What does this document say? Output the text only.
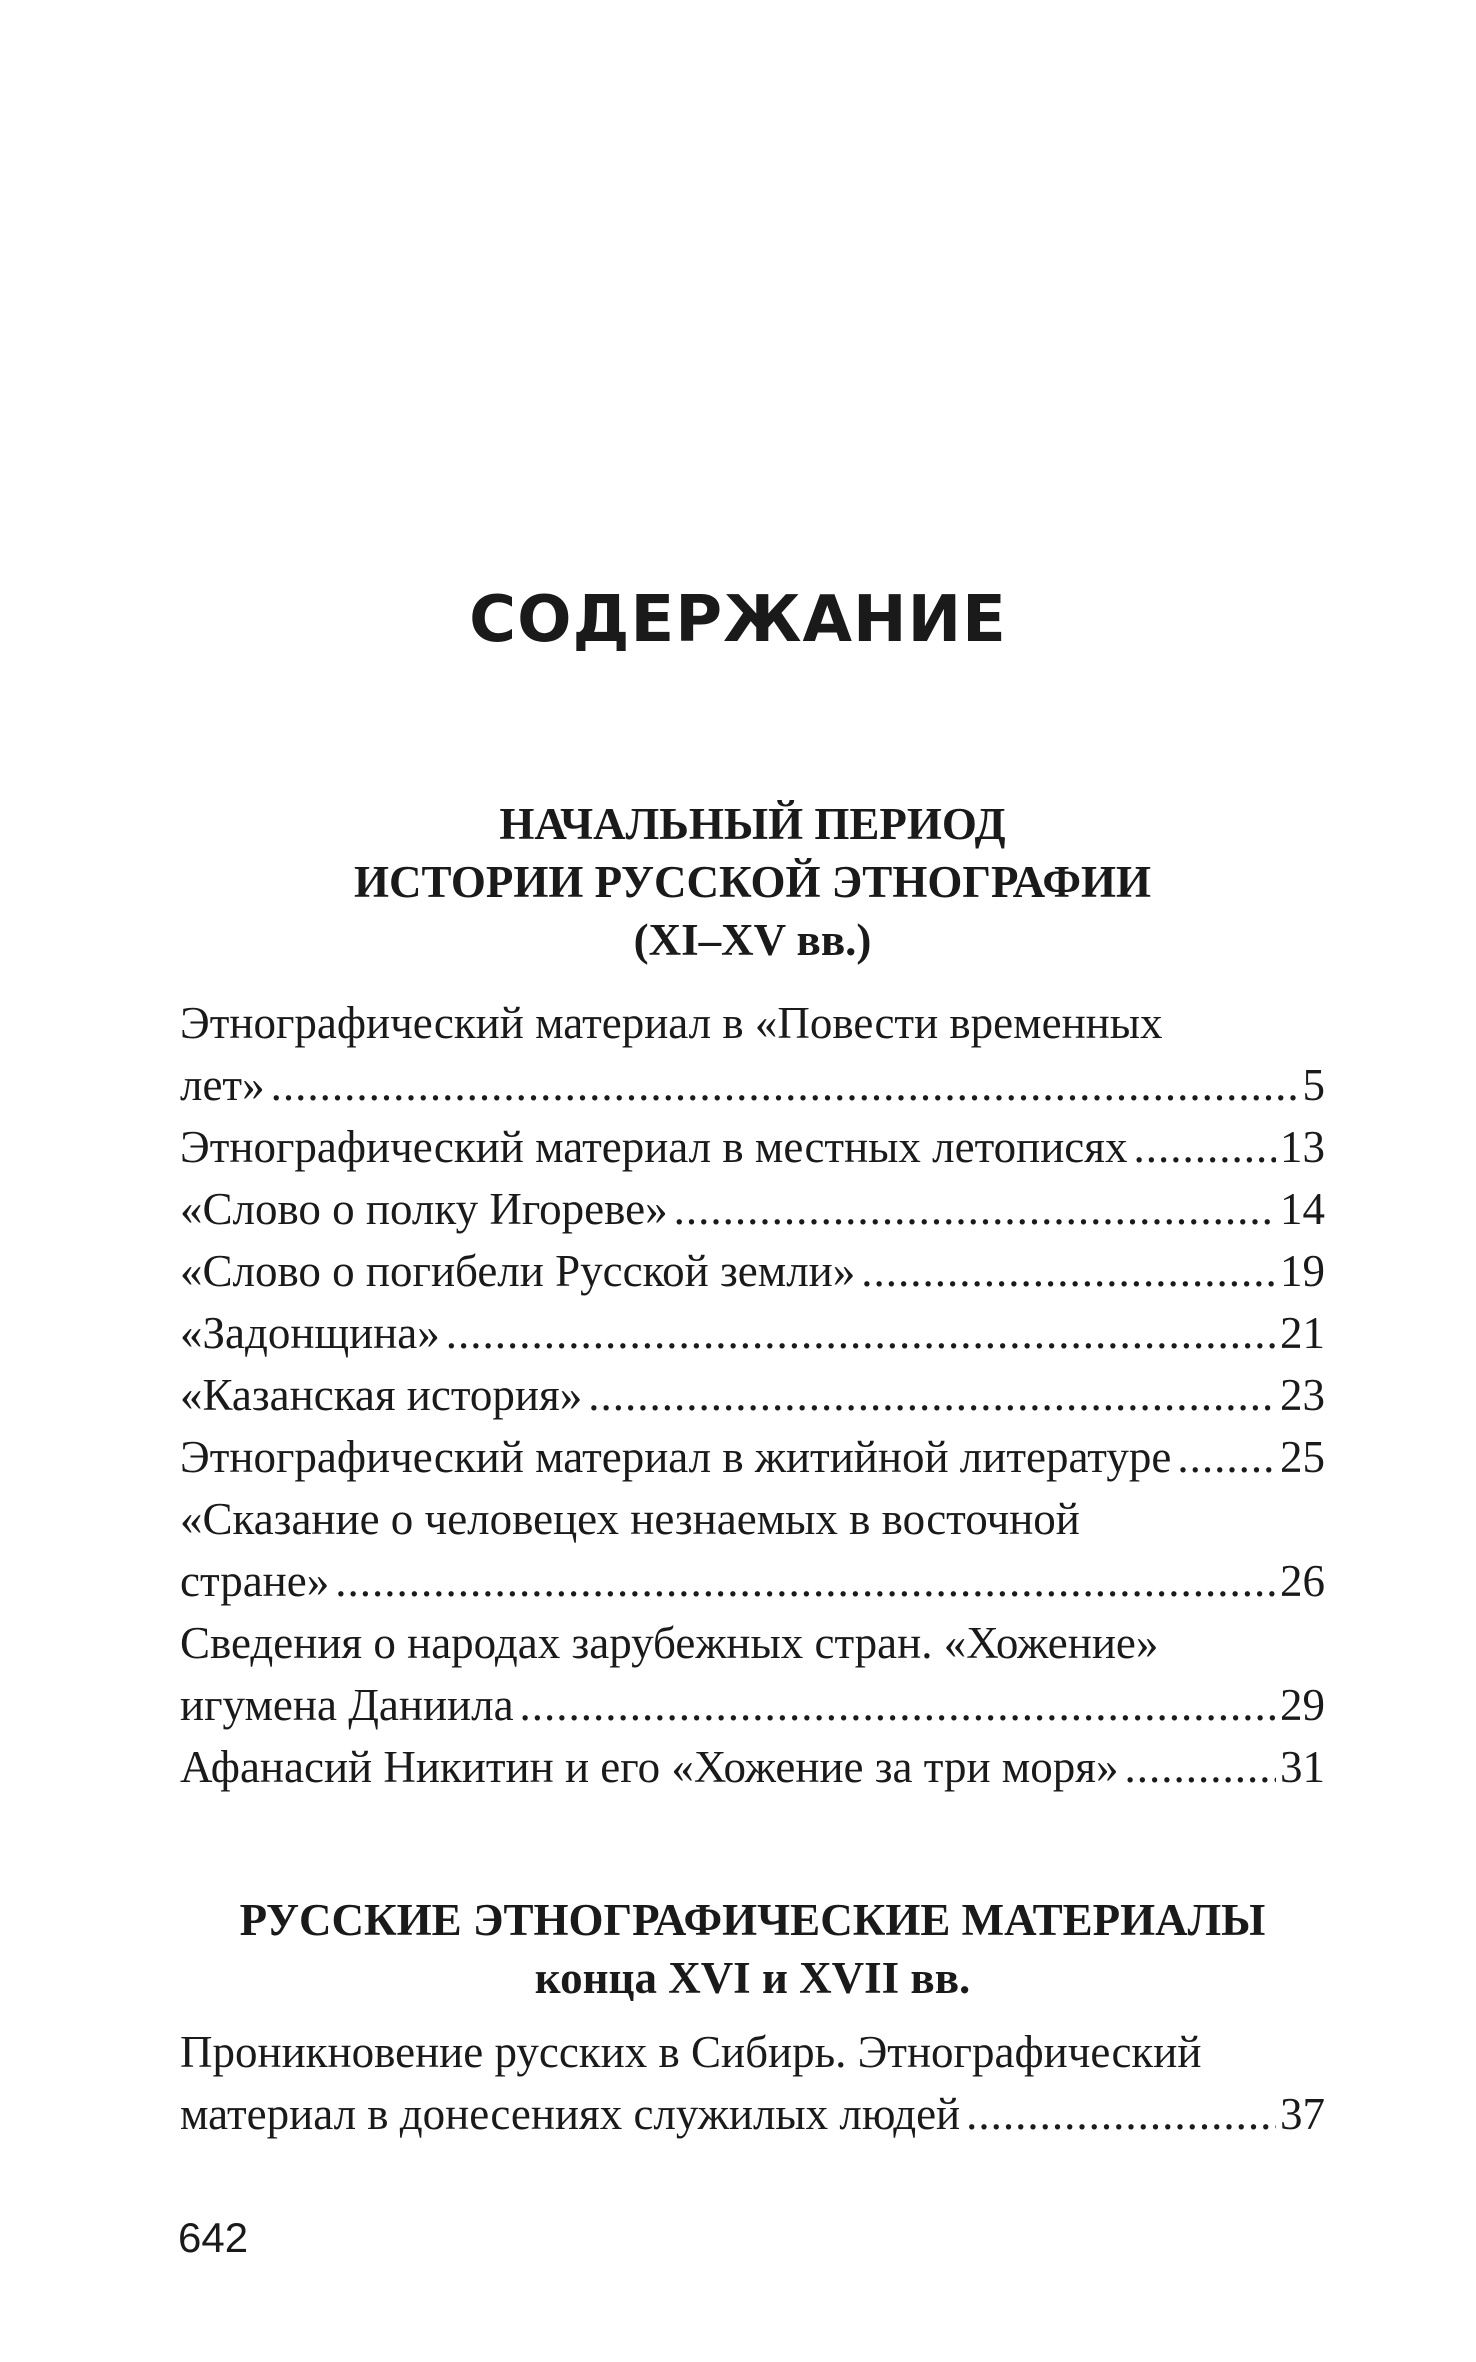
СОДЕРЖАНИЕ
НАЧАЛЬНЫЙ ПЕРИОД
ИСТОРИИ РУССКОЙ ЭТНОГРАФИИ
(XI–XV вв.)
Этнографический материал в «Повести временных
лет» .....	5
Этнографический материал в местных летописях .....	13
«Слово о полку Игореве» .....	14
«Слово о погибели Русской земли» .....	19
«Задонщина» .....	21
«Казанская история» .....	23
Этнографический материал в житийной литературе ..... 25
«Сказание о человецех незнаемых в восточной
стране» .....	26
Сведения о народах зарубежных стран. «Хожение»
игумена Даниила .....	29
Афанасий Никитин и его «Хожение за три моря» .....	31
РУССКИЕ ЭТНОГРАФИЧЕСКИЕ МАТЕРИАЛЫ
конца XVI и XVII вв.
Проникновение русских в Сибирь. Этнографический
материал в донесениях служилых людей .....	37
642
